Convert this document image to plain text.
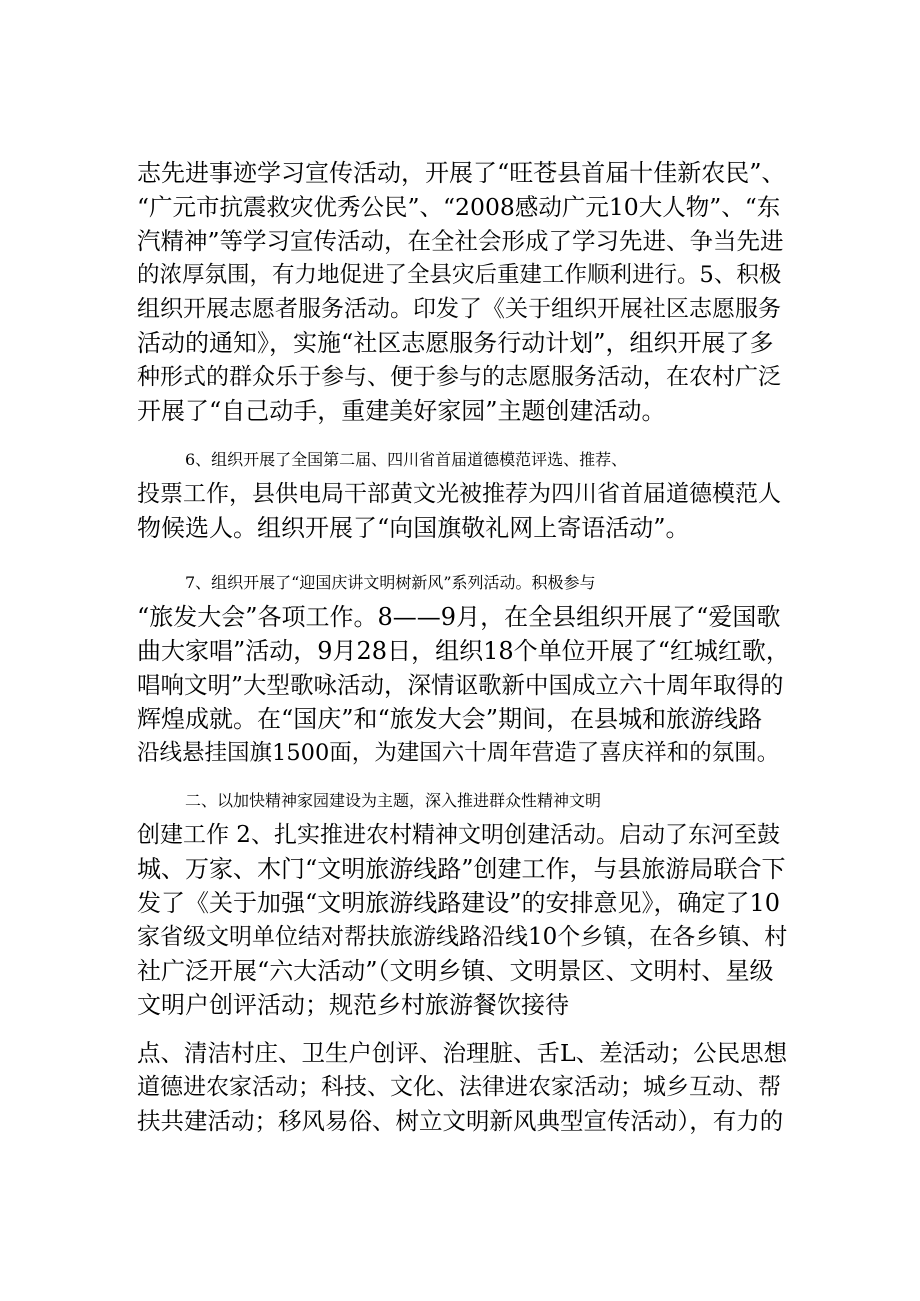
志先进事迹学习宣传活动，开展了“旺苍县首届十佳新农民”、
“广元市抗震救灾优秀公民”、“2008感动广元10大人物”、“东
汽精神”等学习宣传活动，在全社会形成了学习先进、争当先进
的浓厚氛围，有力地促进了全县灾后重建工作顺利进行。5、积极
组织开展志愿者服务活动。印发了《关于组织开展社区志愿服务
活动的通知》，实施“社区志愿服务行动计划”，组织开展了多
种形式的群众乐于参与、便于参与的志愿服务活动，在农村广泛
开展了“自己动手，重建美好家园”主题创建活动。
6、组织开展了全国第二届、四川省首届道德模范评选、推荐、
投票工作，县供电局干部黄文光被推荐为四川省首届道德模范人
物候选人。组织开展了“向国旗敬礼网上寄语活动”。
7、组织开展了“迎国庆讲文明树新风”系列活动。积极参与
“旅发大会”各项工作。8——9月，在全县组织开展了“爱国歌
曲大家唱”活动，9月28日，组织18个单位开展了“红城红歌，
唱响文明”大型歌咏活动，深情讴歌新中国成立六十周年取得的
辉煌成就。在“国庆”和“旅发大会”期间，在县城和旅游线路
沿线悬挂国旗1500面，为建国六十周年营造了喜庆祥和的氛围。
二、以加快精神家园建设为主题，深入推进群众性精神文明
创建工作 2、扎实推进农村精神文明创建活动。启动了东河至鼓
城、万家、木门“文明旅游线路”创建工作，与县旅游局联合下
发了《关于加强“文明旅游线路建设”的安排意见》，确定了10
家省级文明单位结对帮扶旅游线路沿线10个乡镇，在各乡镇、村
社广泛开展“六大活动”（文明乡镇、文明景区、文明村、星级
文明户创评活动；规范乡村旅游餐饮接待
点、清洁村庄、卫生户创评、治理脏、舌L、差活动；公民思想
道德进农家活动；科技、文化、法律进农家活动；城乡互动、帮
扶共建活动；移风易俗、树立文明新风典型宣传活动），有力的
